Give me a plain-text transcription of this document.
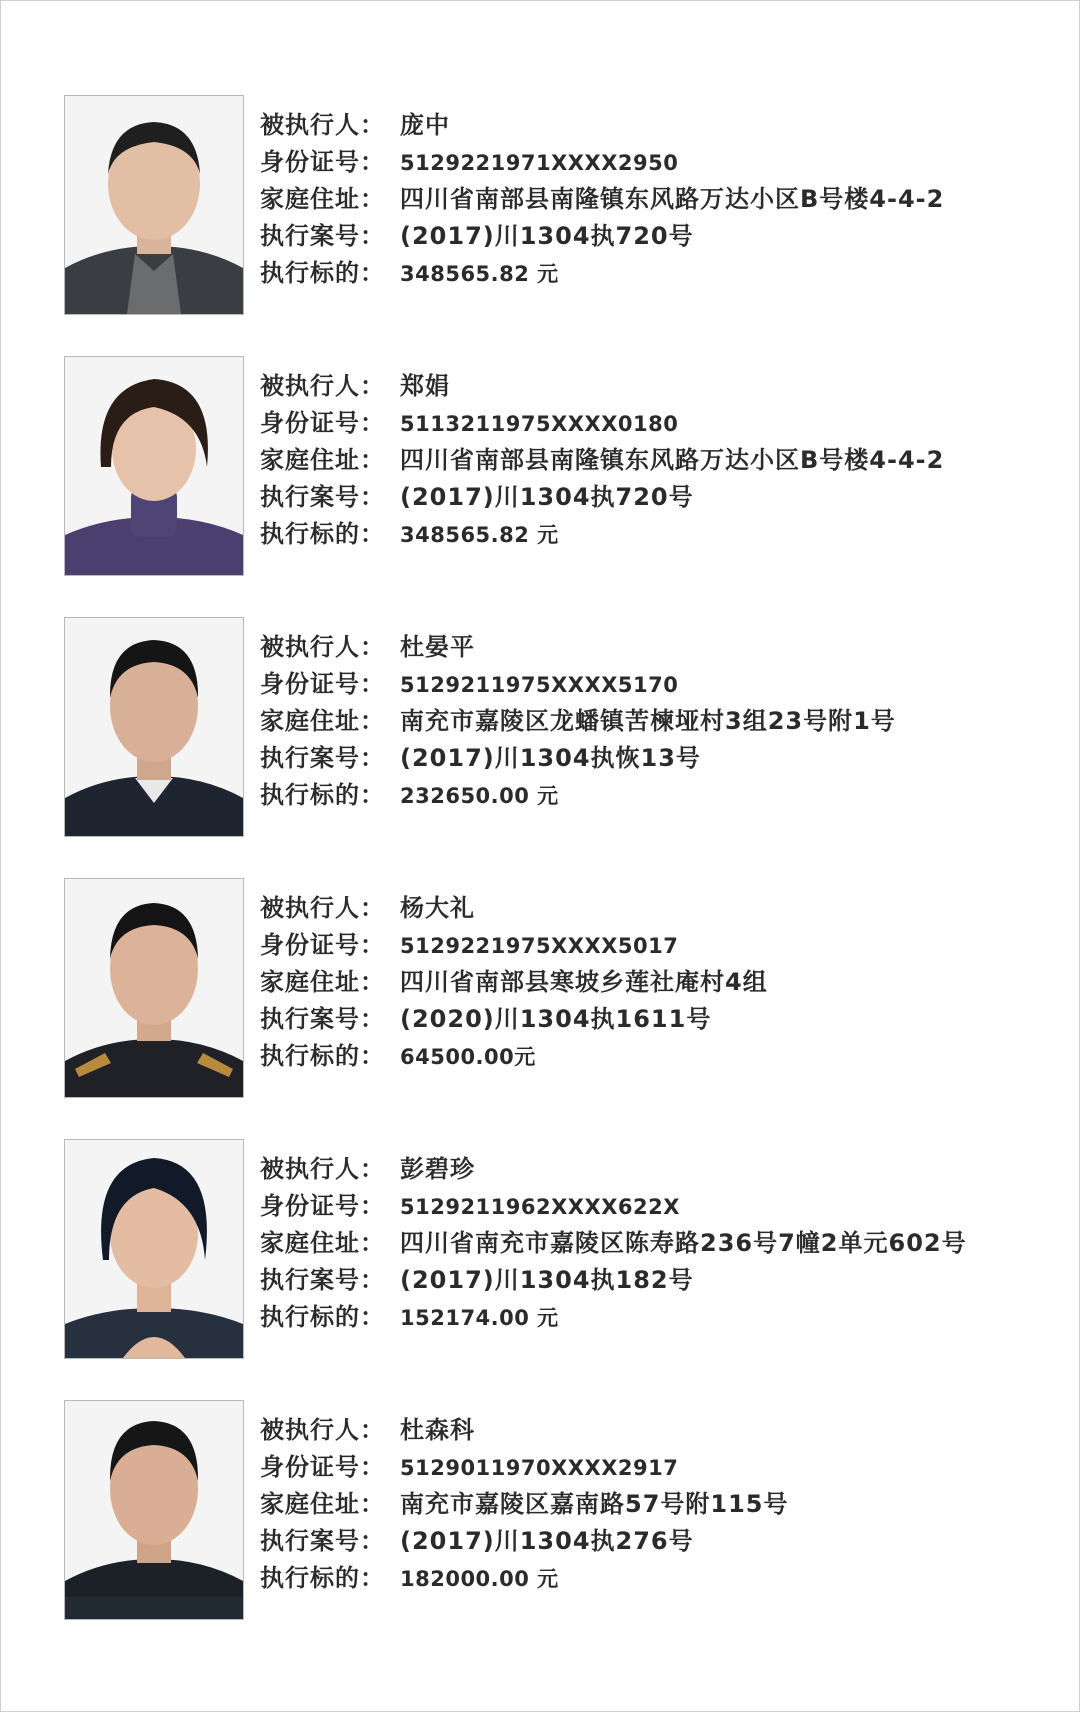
被执行人： 庞中
身份证号： 5129221971XXXX2950
家庭住址： 四川省南部县南隆镇东风路万达小区B号楼4-4-2
执行案号： (2017)川1304执720号
执行标的： 348565.82 元
被执行人： 郑娟
身份证号： 5113211975XXXX0180
家庭住址： 四川省南部县南隆镇东风路万达小区B号楼4-4-2
执行案号： (2017)川1304执720号
执行标的： 348565.82 元
被执行人： 杜晏平
身份证号： 5129211975XXXX5170
家庭住址： 南充市嘉陵区龙蟠镇苦楝垭村3组23号附1号
执行案号： (2017)川1304执恢13号
执行标的： 232650.00 元
被执行人： 杨大礼
身份证号： 5129221975XXXX5017
家庭住址： 四川省南部县寒坡乡莲社庵村4组
执行案号： (2020)川1304执1611号
执行标的： 64500.00元
被执行人： 彭碧珍
身份证号： 5129211962XXXX622X
家庭住址： 四川省南充市嘉陵区陈寿路236号7幢2单元602号
执行案号： (2017)川1304执182号
执行标的： 152174.00 元
被执行人： 杜森科
身份证号： 5129011970XXXX2917
家庭住址： 南充市嘉陵区嘉南路57号附115号
执行案号： (2017)川1304执276号
执行标的： 182000.00 元
